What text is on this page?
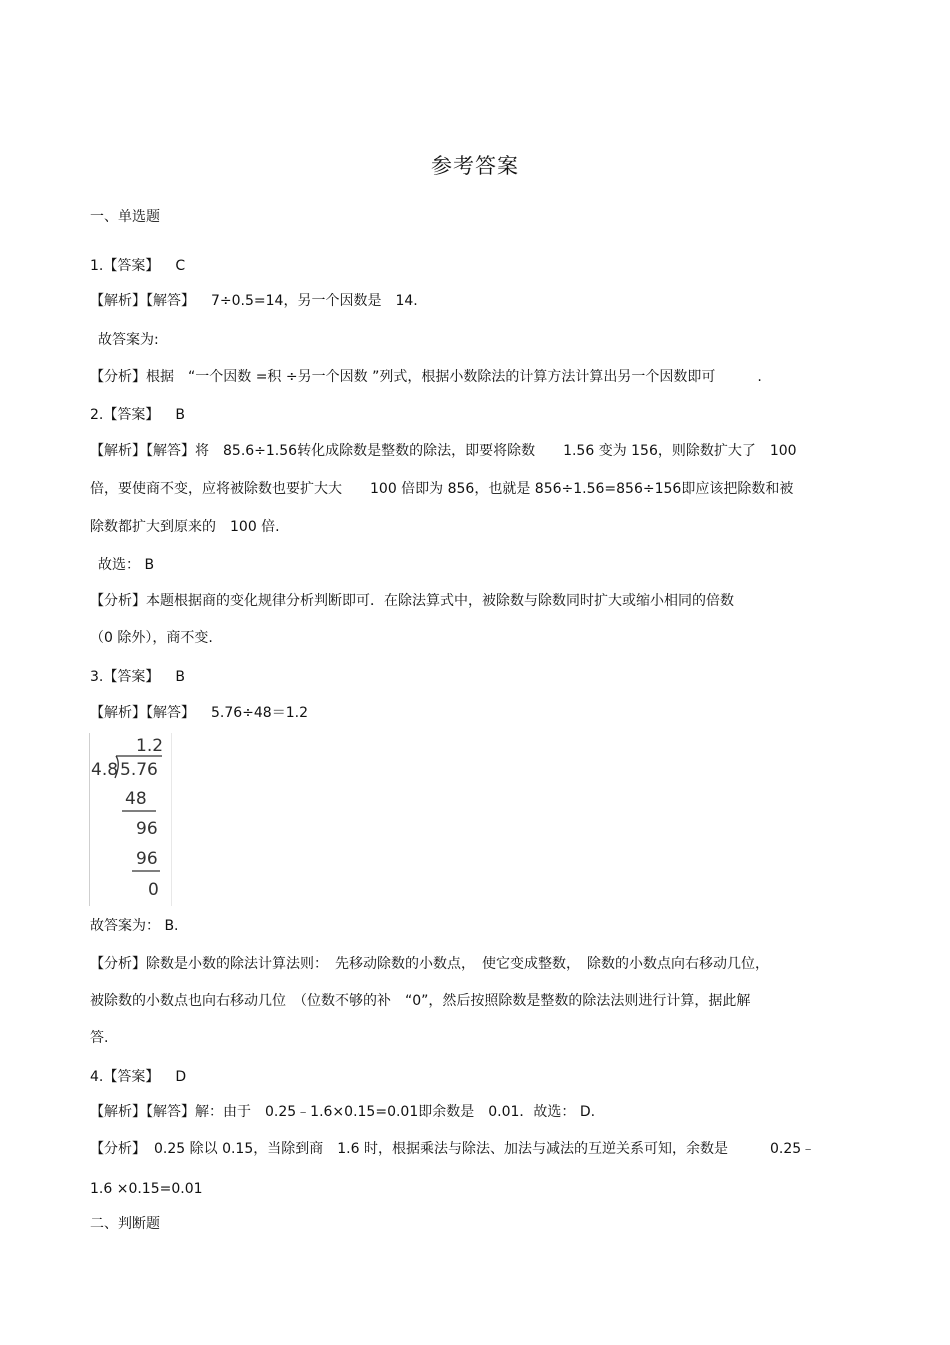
参考答案
一、单选题
1.【答案】 C
【解析】【解答】 7÷0.5=14，另一个因数是　14.
故答案为:
【分析】根据　“一个因数 =积 ÷另一个因数 ”列式，根据小数除法的计算方法计算出另一个因数即可　　　.
2.【答案】 B
【解析】【解答】将　85.6÷1.56转化成除数是整数的除法，即要将除数　　1.56 变为 156，则除数扩大了　100
倍，要使商不变，应将被除数也要扩大大　　100 倍即为 856，也就是 856÷1.56=856÷156即应该把除数和被
除数都扩大到原来的　100 倍.
故选： B
【分析】本题根据商的变化规律分析判断即可．在除法算式中，被除数与除数同时扩大或缩小相同的倍数
（0 除外），商不变.
3.【答案】 B
【解析】【解答】 5.76÷48＝1.2
1.2
4.8 5.76
48
96
96
0
故答案为： B.
【分析】除数是小数的除法计算法则：　先移动除数的小数点，　使它变成整数，　除数的小数点向右移动几位，
被除数的小数点也向右移动几位　（位数不够的补　“0”，然后按照除数是整数的除法法则进行计算，据此解
答.
4.【答案】 D
【解析】【解答】解：由于　0.25﹣1.6×0.15=0.01即余数是　0.01．故选： D.
【分析】 0.25 除以 0.15，当除到商　1.6 时，根据乘法与除法、加法与减法的互逆关系可知，余数是　　　0.25﹣
1.6 ×0.15=0.01
二、判断题
